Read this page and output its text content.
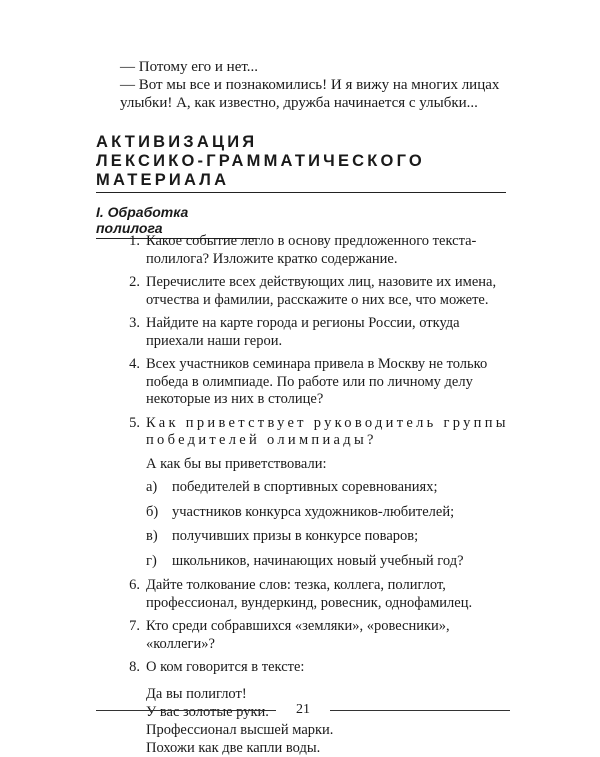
— Потому его и нет...

— Вот мы все и познакомились! И я вижу на многих лицах

улыбки! А, как известно, дружба начинается с улыбки...

АКТИВИЗАЦИЯ
ЛЕКСИКО-ГРАММАТИЧЕСКОГО
МАТЕРИАЛА
I. Обработка полилога
1. Какое событие легло в основу предложенного текста-полилога? Изложите кратко содержание.
2. Перечислите всех действующих лиц, назовите их имена, отчества и фамилии, расскажите о них все, что можете.
3. Найдите на карте города и регионы России, откуда приехали наши герои.
4. Всех участников семинара привела в Москву не только победа в олимпиаде. По работе или по личному делу некоторые из них в столице?
5. Как приветствует руководитель группы победителей олимпиады?
А как бы вы приветствовали:
а)	победителей в спортивных соревнованиях;
б) участников конкурса художников-любителей;
в) получивших призы в конкурсе поваров;
г)	школьников, начинающих новый учебный год?
6. Дайте толкование слов: тезка, коллега, полиглот, профессионал, вундеркинд, ровесник, однофамилец.
7. Кто среди собравшихся «земляки», «ровесники», «коллеги»?
8. О ком говорится в тексте:
Да вы полиглот!
У вас золотые руки.
Профессионал высшей марки.
Похожи как две капли воды.
21
